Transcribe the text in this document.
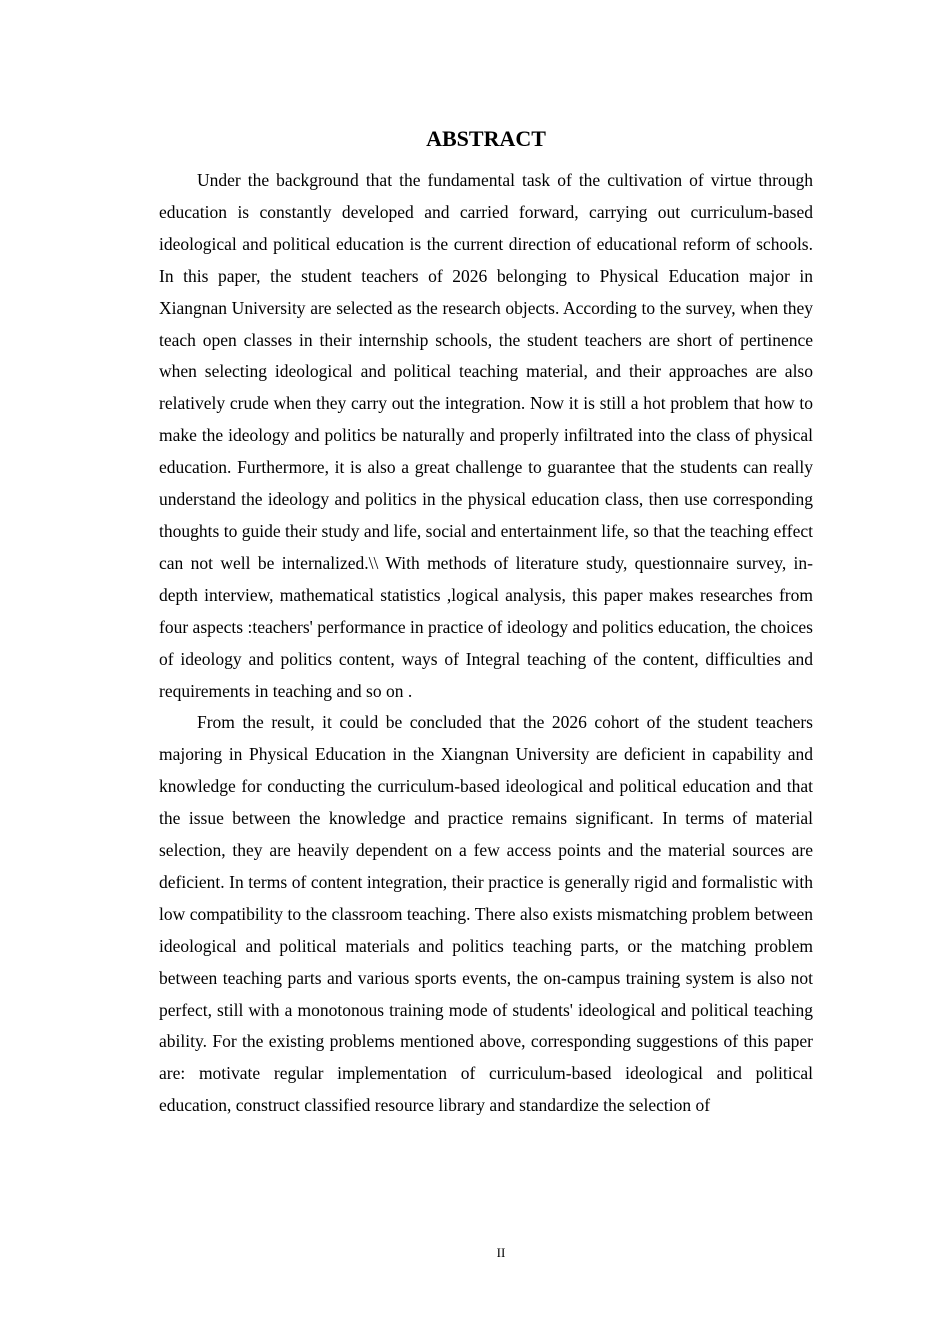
ABSTRACT

Under the background that the fundamental task of the cultivation of virtue through education is constantly developed and carried forward, carrying out curriculum-based ideological and political education is the current direction of educational reform of schools. In this paper, the student teachers of 2026 belonging to Physical Education major in Xiangnan University are selected as the research objects. According to the survey, when they teach open classes in their internship schools, the student teachers are short of pertinence when selecting ideological and political teaching material, and their approaches are also relatively crude when they carry out the integration. Now it is still a hot problem that how to make the ideology and politics be naturally and properly infiltrated into the class of physical education. Furthermore, it is also a great challenge to guarantee that the students can really understand the ideology and politics in the physical education class, then use corresponding thoughts to guide their study and life, social and entertainment life, so that the teaching effect can not well be internalized.\\ With methods of literature study, questionnaire survey, in-depth interview, mathematical statistics ,logical analysis, this paper makes researches from four aspects :teachers' performance in practice of ideology and politics education, the choices of ideology and politics content, ways of Integral teaching of the content, difficulties and requirements in teaching and so on .

From the result, it could be concluded that the 2026 cohort of the student teachers majoring in Physical Education in the Xiangnan University are deficient in capability and knowledge for conducting the curriculum-based ideological and political education and that the issue between the knowledge and practice remains significant. In terms of material selection, they are heavily dependent on a few access points and the material sources are deficient. In terms of content integration, their practice is generally rigid and formalistic with low compatibility to the classroom teaching. There also exists mismatching problem between ideological and political materials and politics teaching parts, or the matching problem between teaching parts and various sports events, the on-campus training system is also not perfect, still with a monotonous training mode of students' ideological and political teaching ability. For the existing problems mentioned above, corresponding suggestions of this paper are: motivate regular implementation of curriculum-based ideological and political education, construct classified resource library and standardize the selection of

II
